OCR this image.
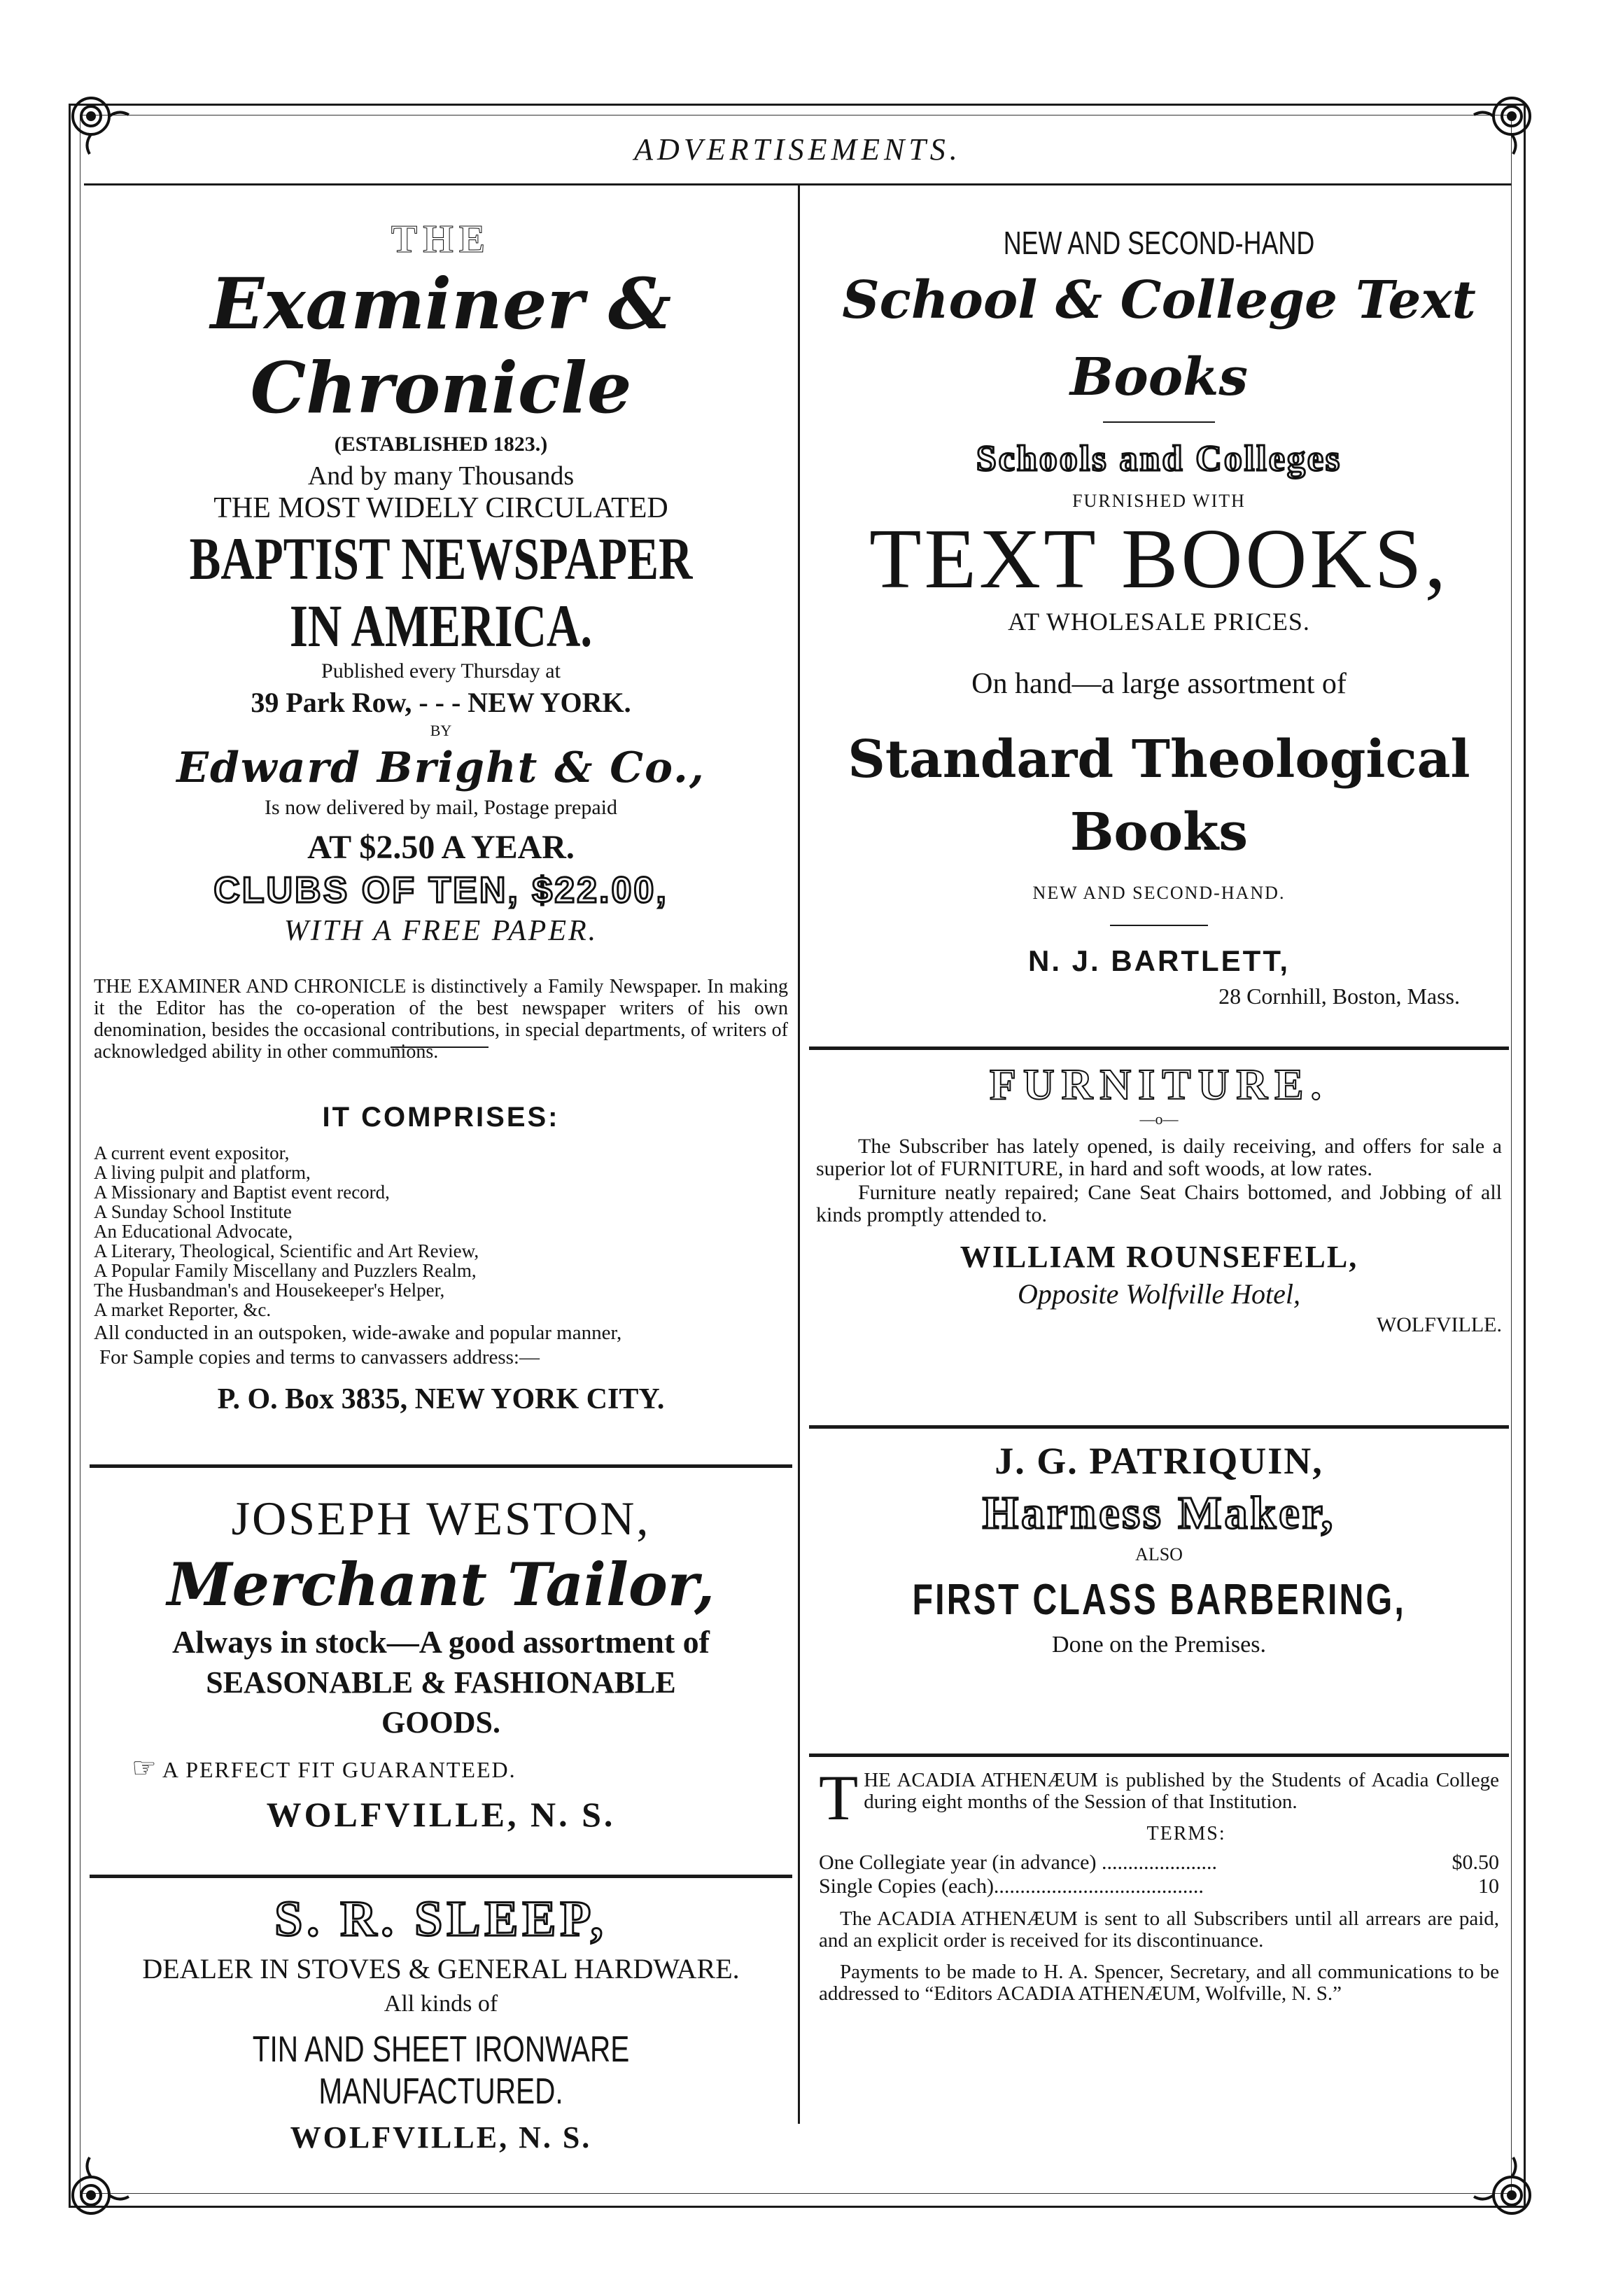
ADVERTISEMENTS.
THE
Examiner & Chronicle
(ESTABLISHED 1823.)
And by many Thousands
THE MOST WIDELY CIRCULATED
BAPTIST NEWSPAPER IN AMERICA.
Published every Thursday at
39 Park Row, - - - NEW YORK.
BY
Edward Bright & Co.,
Is now delivered by mail, Postage prepaid
AT $2.50 A YEAR.
CLUBS OF TEN, $22.00,
WITH A FREE PAPER.
THE EXAMINER AND CHRONICLE is distinctively a Family Newspaper. In making it the Editor has the co-operation of the best newspaper writers of his own denomination, besides the occasional contributions, in special departments, of writers of acknowledged ability in other communions.
IT COMPRISES:
A current event expositor,
A living pulpit and platform,
A Missionary and Baptist event record,
A Sunday School Institute
An Educational Advocate,
A Literary, Theological, Scientific and Art Review,
A Popular Family Miscellany and Puzzlers Realm,
The Husbandman's and Housekeeper's Helper,
A market Reporter, &c.
All conducted in an outspoken, wide-awake and popular manner,
For Sample copies and terms to canvassers address:—
P. O. Box 3835, NEW YORK CITY.
JOSEPH WESTON,
Merchant Tailor,
Always in stock—A good assortment of
SEASONABLE & FASHIONABLE
GOODS.
☞ A PERFECT FIT GUARANTEED.
WOLFVILLE, N. S.
S. R. SLEEP,
DEALER IN STOVES & GENERAL HARDWARE.
All kinds of
TIN AND SHEET IRONWARE MANUFACTURED.
WOLFVILLE, N. S.
NEW AND SECOND-HAND
School & College Text Books
Schools and Colleges
FURNISHED WITH
TEXT BOOKS,
AT WHOLESALE PRICES.
On hand—a large assortment of
Standard Theological Books
NEW AND SECOND-HAND.
N. J. BARTLETT,
28 Cornhill, Boston, Mass.
FURNITURE.
—o—
The Subscriber has lately opened, is daily receiving, and offers for sale a superior lot of FURNITURE, in hard and soft woods, at low rates.
Furniture neatly repaired; Cane Seat Chairs bottomed, and Jobbing of all kinds promptly attended to.
WILLIAM ROUNSEFELL,
Opposite Wolfville Hotel,
WOLFVILLE.
J. G. PATRIQUIN,
Harness Maker,
ALSO
FIRST CLASS BARBERING,
Done on the Premises.
THE ACADIA ATHENÆUM is published by the Students of Acadia College during eight months of the Session of that Institution.
TERMS:
One Collegiate year (in advance) ......................	$0.50
Single Copies (each)........................................	10
The ACADIA ATHENÆUM is sent to all Subscribers until all arrears are paid, and an explicit order is received for its discontinuance.
Payments to be made to H. A. Spencer, Secretary, and all communications to be addressed to “Editors ACADIA ATHENÆUM, Wolfville, N. S.”
